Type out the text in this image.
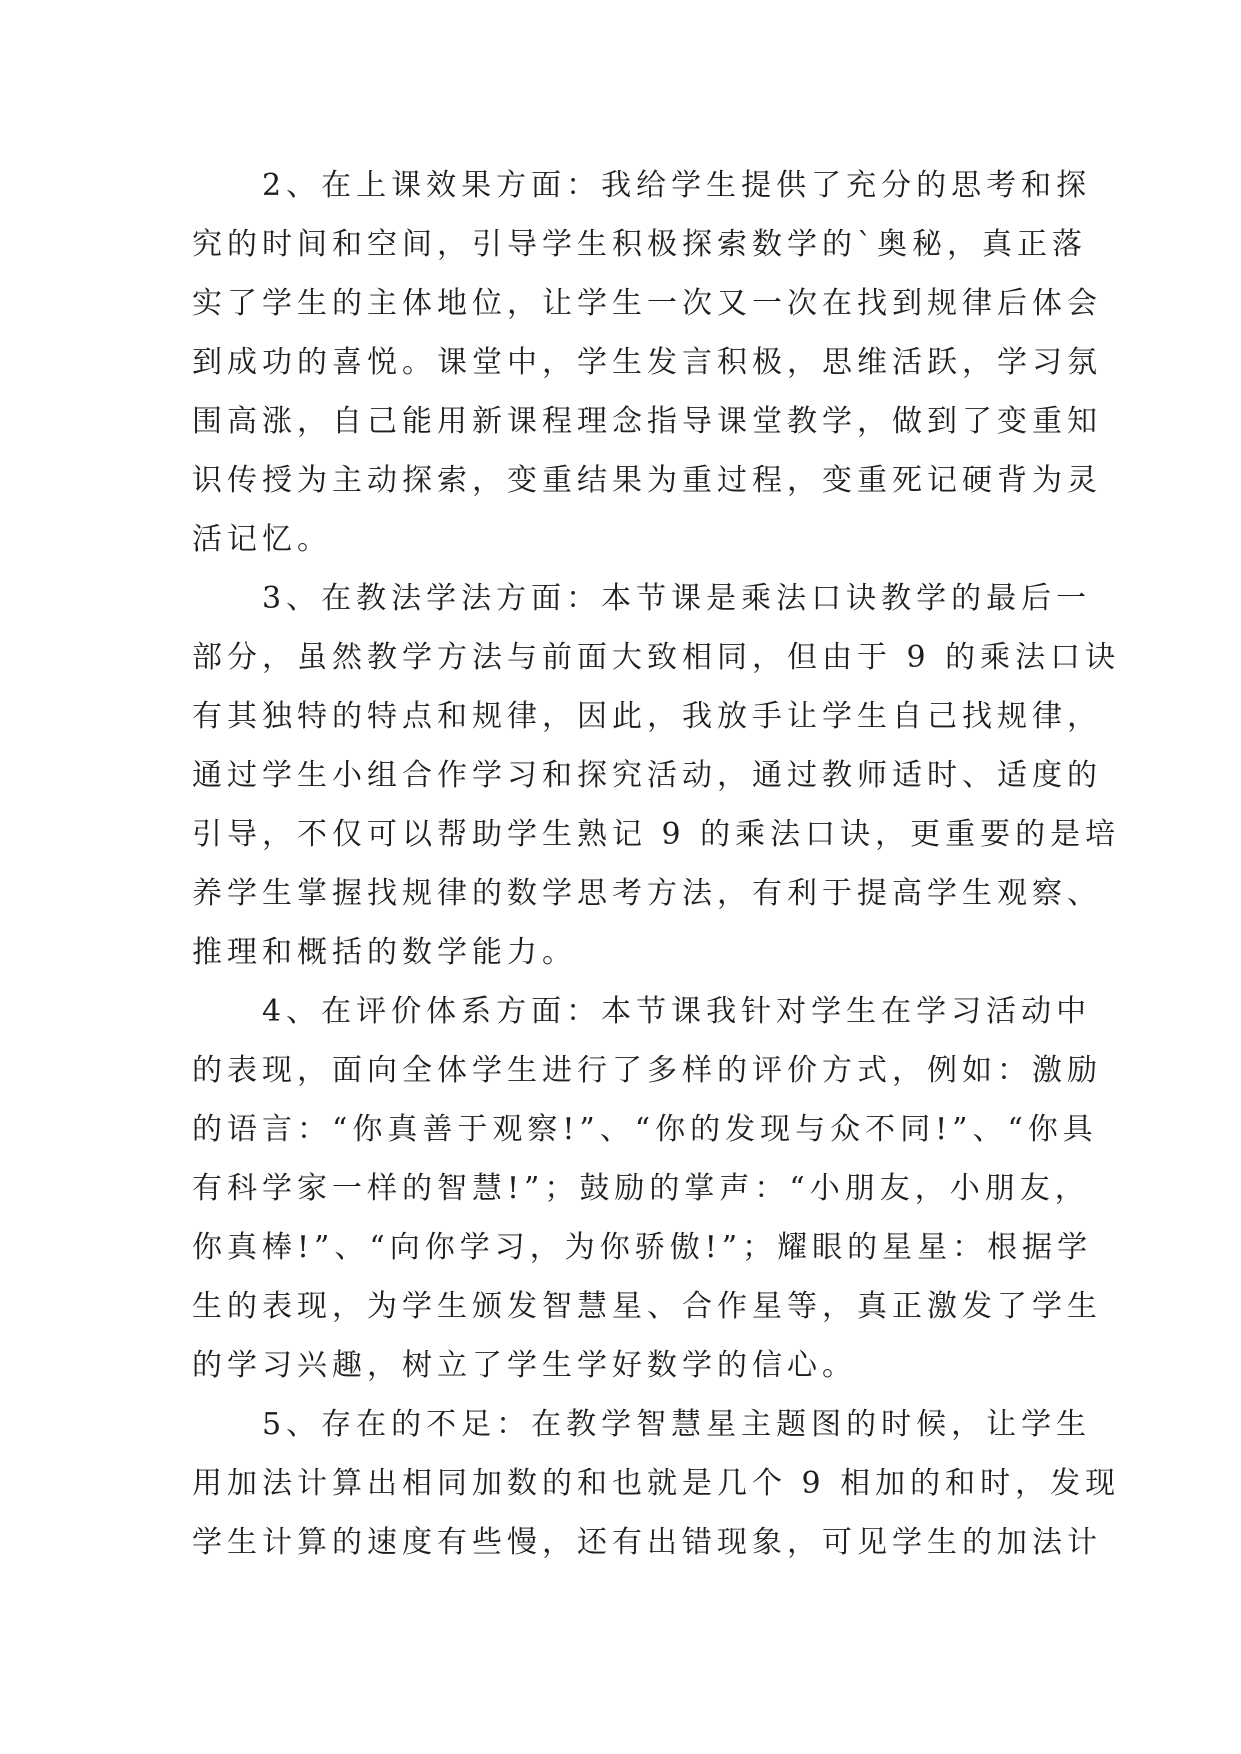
　　2、在上课效果方面：我给学生提供了充分的思考和探
究的时间和空间，引导学生积极探索数学的`奥秘，真正落
实了学生的主体地位，让学生一次又一次在找到规律后体会
到成功的喜悦。课堂中，学生发言积极，思维活跃，学习氛
围高涨，自己能用新课程理念指导课堂教学，做到了变重知
识传授为主动探索，变重结果为重过程，变重死记硬背为灵
活记忆。
　　3、在教法学法方面：本节课是乘法口诀教学的最后一
部分，虽然教学方法与前面大致相同，但由于 9 的乘法口诀
有其独特的特点和规律，因此，我放手让学生自己找规律，
通过学生小组合作学习和探究活动，通过教师适时、适度的
引导，不仅可以帮助学生熟记 9 的乘法口诀，更重要的是培
养学生掌握找规律的数学思考方法，有利于提高学生观察、
推理和概括的数学能力。
　　4、在评价体系方面：本节课我针对学生在学习活动中
的表现，面向全体学生进行了多样的评价方式，例如：激励
的语言：“你真善于观察!”、“你的发现与众不同!”、“你具
有科学家一样的智慧!”；鼓励的掌声：“小朋友，小朋友，
你真棒!”、“向你学习，为你骄傲!”；耀眼的星星：根据学
生的表现，为学生颁发智慧星、合作星等，真正激发了学生
的学习兴趣，树立了学生学好数学的信心。
　　5、存在的不足：在教学智慧星主题图的时候，让学生
用加法计算出相同加数的和也就是几个 9 相加的和时，发现
学生计算的速度有些慢，还有出错现象，可见学生的加法计
